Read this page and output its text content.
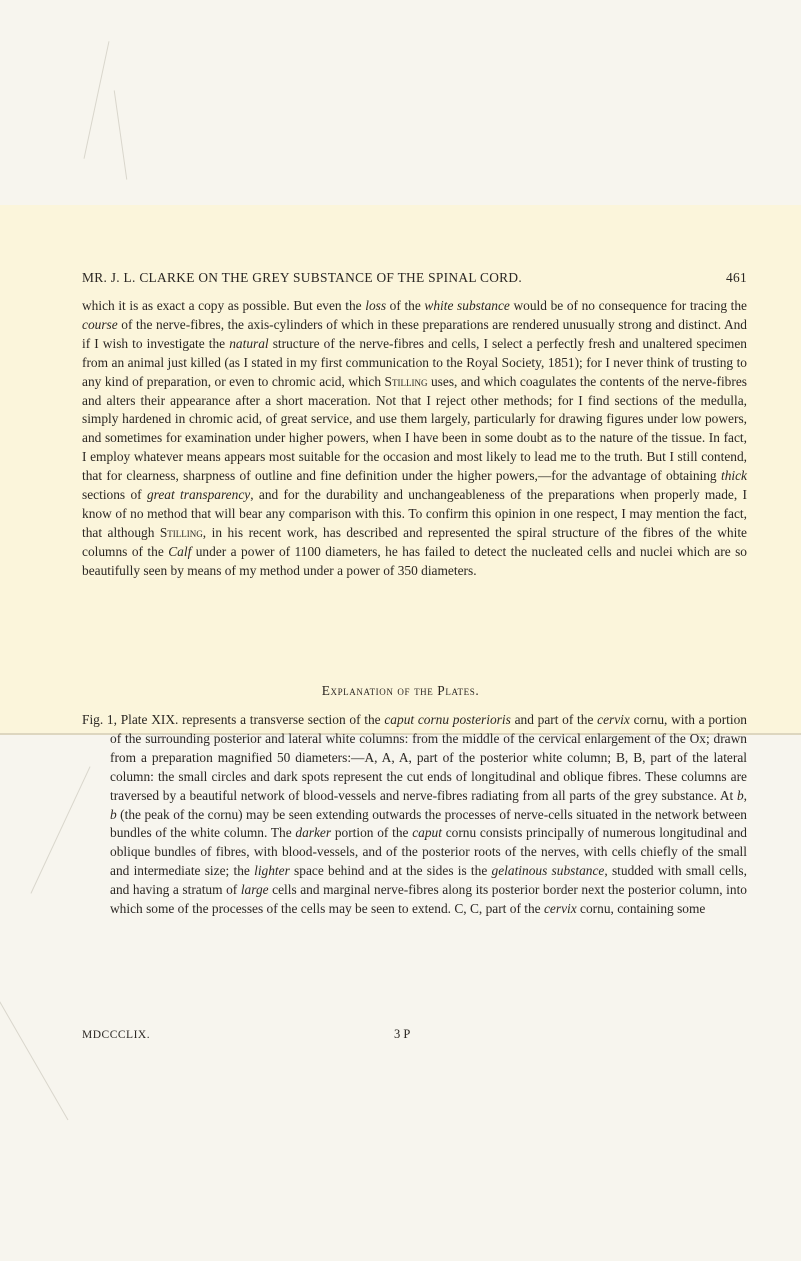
MR. J. L. CLARKE ON THE GREY SUBSTANCE OF THE SPINAL CORD.	461

which it is as exact a copy as possible. But even the loss of the white substance would be of no consequence for tracing the course of the nerve-fibres, the axis-cylinders of which in these preparations are rendered unusually strong and distinct. And if I wish to investigate the natural structure of the nerve-fibres and cells, I select a perfectly fresh and unaltered specimen from an animal just killed (as I stated in my first communication to the Royal Society, 1851); for I never think of trusting to any kind of preparation, or even to chromic acid, which Stilling uses, and which coagulates the contents of the nerve-fibres and alters their appearance after a short maceration. Not that I reject other methods; for I find sections of the medulla, simply hardened in chromic acid, of great service, and use them largely, particularly for drawing figures under low powers, and sometimes for examination under higher powers, when I have been in some doubt as to the nature of the tissue. In fact, I employ whatever means appears most suitable for the occasion and most likely to lead me to the truth. But I still contend, that for clearness, sharpness of outline and fine definition under the higher powers,—for the advantage of obtaining thick sections of great transparency, and for the durability and unchangeableness of the preparations when properly made, I know of no method that will bear any comparison with this. To confirm this opinion in one respect, I may mention the fact, that although Stilling, in his recent work, has described and represented the spiral structure of the fibres of the white columns of the Calf under a power of 1100 diameters, he has failed to detect the nucleated cells and nuclei which are so beautifully seen by means of my method under a power of 350 diameters.

Explanation of the Plates.

Fig. 1, Plate XIX. represents a transverse section of the caput cornu posterioris and part of the cervix cornu, with a portion of the surrounding posterior and lateral white columns: from the middle of the cervical enlargement of the Ox; drawn from a preparation magnified 50 diameters:—A, A, A, part of the posterior white column; B, B, part of the lateral column: the small circles and dark spots represent the cut ends of longitudinal and oblique fibres. These columns are traversed by a beautiful network of blood-vessels and nerve-fibres radiating from all parts of the grey substance. At b, b (the peak of the cornu) may be seen extending outwards the processes of nerve-cells situated in the network between bundles of the white column. The darker portion of the caput cornu consists principally of numerous longitudinal and oblique bundles of fibres, with blood-vessels, and of the posterior roots of the nerves, with cells chiefly of the small and intermediate size; the lighter space behind and at the sides is the gelatinous substance, studded with small cells, and having a stratum of large cells and marginal nerve-fibres along its posterior border next the posterior column, into which some of the processes of the cells may be seen to extend. C, C, part of the cervix cornu, containing some

MDCCCLIX.	3 P
